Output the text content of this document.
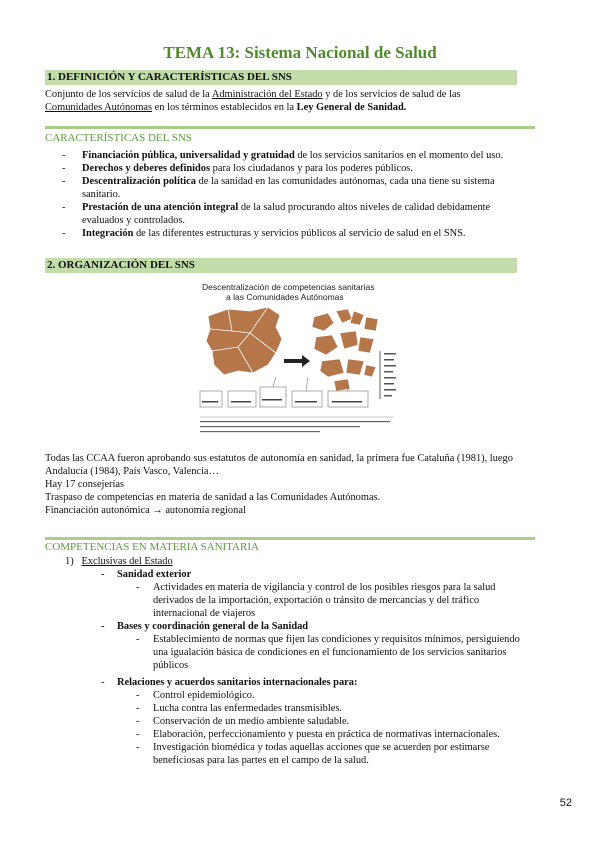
TEMA 13: Sistema Nacional de Salud
1. DEFINICIÓN Y CARACTERÍSTICAS DEL SNS
Conjunto de los servicios de salud de la Administración del Estado y de los servicios de salud de las
Comunidades Autónomas en los términos establecidos en la Ley General de Sanidad.
CARACTERÍSTICAS DEL SNS
- Financiación pública, universalidad y gratuidad de los servicios sanitarios en el momento del uso.
- Derechos y deberes definidos para los ciudadanos y para los poderes públicos.
- Descentralización política de la sanidad en las comunidades autónomas, cada una tiene su sistema sanitario.
- Prestación de una atención integral de la salud procurando altos niveles de calidad debidamente evaluados y controlados.
- Integración de las diferentes estructuras y servicios públicos al servicio de salud en el SNS.
2. ORGANIZACIÓN DEL SNS
Descentralización de competencias sanitarias
a las Comunidades Autónomas
Todas las CCAA fueron aprobando sus estatutos de autonomía en sanidad, la primera fue Cataluña (1981), luego Andalucía (1984), País Vasco, Valencia…
Hay 17 consejerías
Traspaso de competencias en materia de sanidad a las Comunidades Autónomas.
Financiación autonómica → autonomía regional
COMPETENCIAS EN MATERIA SANITARIA
1) Exclusivas del Estado
- Sanidad exterior
- Actividades en materia de vigilancia y control de los posibles riesgos para la salud derivados de la importación, exportación o tránsito de mercancías y del tráfico internacional de viajeros
- Bases y coordinación general de la Sanidad
- Establecimiento de normas que fijen las condiciones y requisitos mínimos, persiguiendo una igualación básica de condiciones en el funcionamiento de los servicios sanitarios públicos
- Relaciones y acuerdos sanitarios internacionales para:
- Control epidemiológico.
- Lucha contra las enfermedades transmisibles.
- Conservación de un medio ambiente saludable.
- Elaboración, perfeccionamiento y puesta en práctica de normativas internacionales.
- Investigación biomédica y todas aquellas acciones que se acuerden por estimarse beneficiosas para las partes en el campo de la salud.
52
